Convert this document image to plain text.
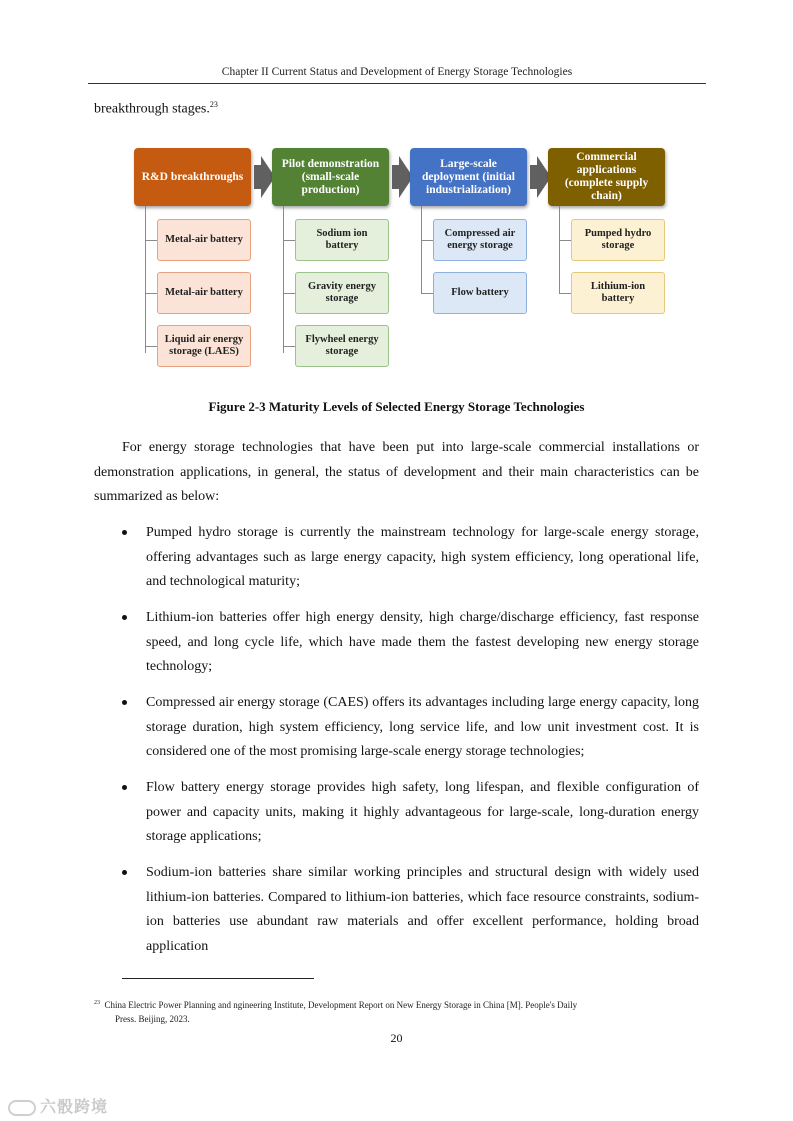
Chapter II Current Status and Development of Energy Storage Technologies
breakthrough stages.$^{23}$
R&D breakthroughs
Metal-air battery
Metal-air battery
Liquid air energy storage (LAES)
Pilot demonstration (small-scale production)
Sodium ion battery
Gravity energy storage
Flywheel energy storage
Large-scale deployment (initial industrialization)
Compressed air energy storage
Flow battery
Commercial applications (complete supply chain)
Pumped hydro storage
Lithium-ion battery
Figure 2-3 Maturity Levels of Selected Energy Storage Technologies

For energy storage technologies that have been put into large-scale commercial installations or demonstration applications, in general, the status of development and their main characteristics can be summarized as below:

Pumped hydro storage is currently the mainstream technology for large-scale energy storage, offering advantages such as large energy capacity, high system efficiency, long operational life, and technological maturity;

Lithium-ion batteries offer high energy density, high charge/discharge efficiency, fast response speed, and long cycle life, which have made them the fastest developing new energy storage technology;

Compressed air energy storage (CAES) offers its advantages including large energy capacity, long storage duration, high system efficiency, long service life, and low unit investment cost. It is considered one of the most promising large-scale energy storage technologies;

Flow battery energy storage provides high safety, long lifespan, and flexible configuration of power and capacity units, making it highly advantageous for large-scale, long-duration energy storage applications;

Sodium-ion batteries share similar working principles and structural design with widely used lithium-ion batteries. Compared to lithium-ion batteries, which face resource constraints, sodium-ion batteries use abundant raw materials and offer excellent performance, holding broad application

$^{23}$ China Electric Power Planning and ngineering Institute, Development Report on New Energy Storage in China [M]. People's Daily
Press. Beijing, 2023.
20
六骰跨境
